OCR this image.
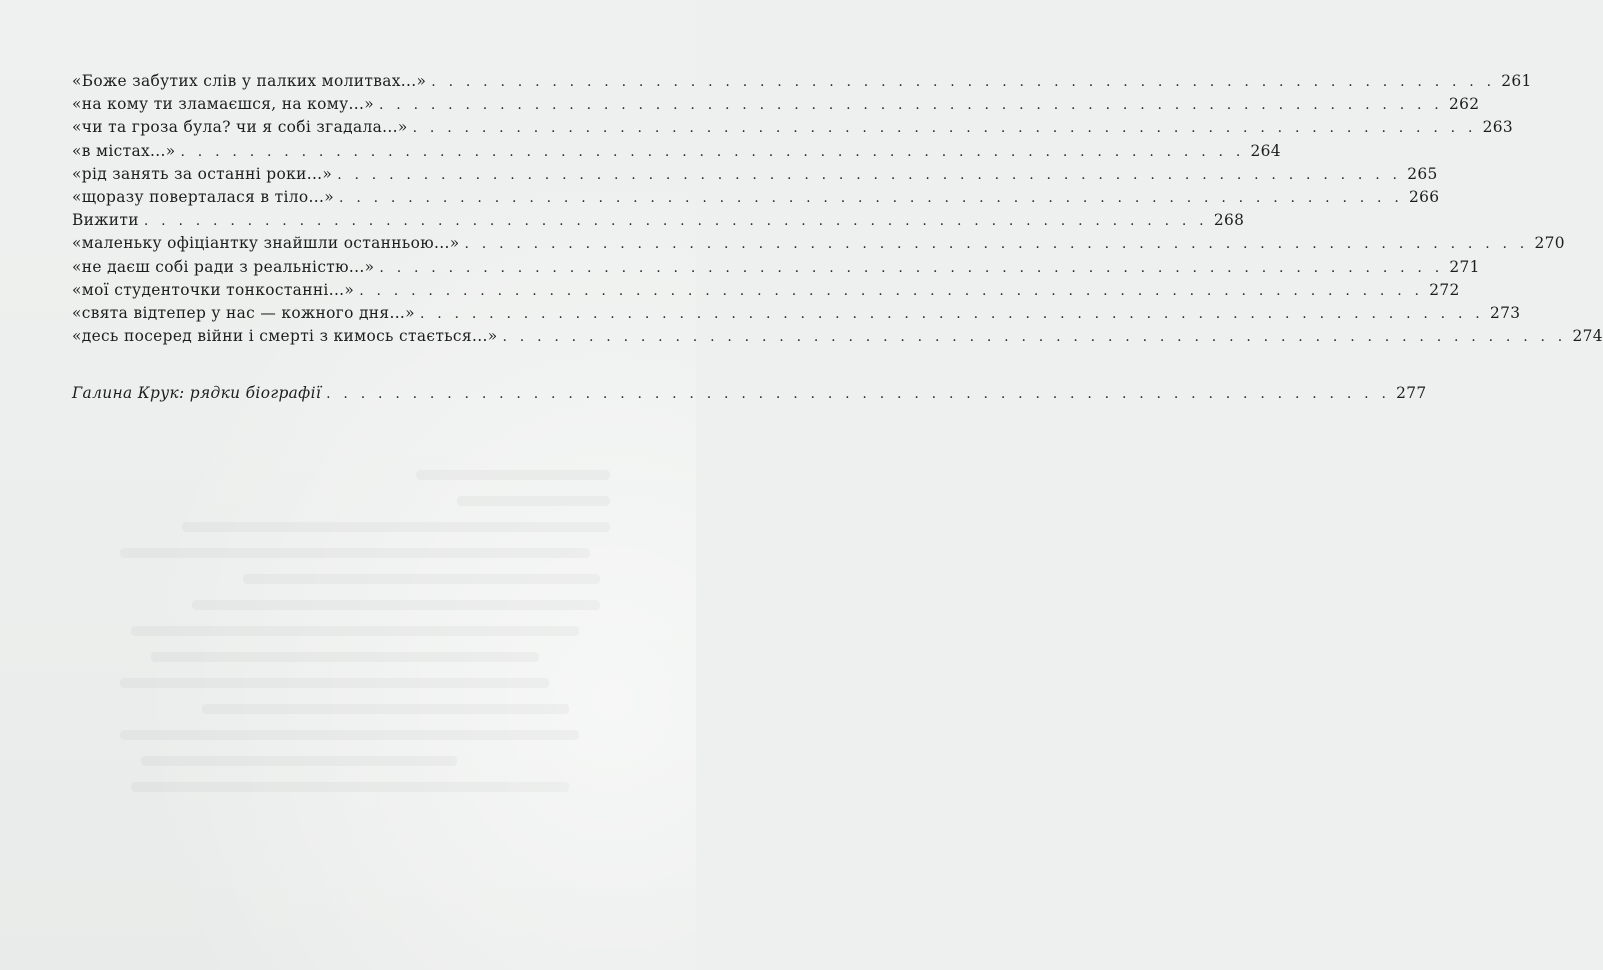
«Боже забутих слів у палких молитвах...» . . . . . . . . . . . . . . . . . . . . . . . . . . . . . . . . . . . . . . . . . . . . . . . . . . . . . . . . . . . . . . 261
«на кому ти зламаєшся, на кому...» . . . . . . . . . . . . . . . . . . . . . . . . . . . . . . . . . . . . . . . . . . . . . . . . . . . . . . . . . . . . . . 262
«чи та гроза була? чи я собі згадала...» . . . . . . . . . . . . . . . . . . . . . . . . . . . . . . . . . . . . . . . . . . . . . . . . . . . . . . . . . . . . . . 263
«в містах...» . . . . . . . . . . . . . . . . . . . . . . . . . . . . . . . . . . . . . . . . . . . . . . . . . . . . . . . . . . . . . . 264
«рід занять за останні роки...» . . . . . . . . . . . . . . . . . . . . . . . . . . . . . . . . . . . . . . . . . . . . . . . . . . . . . . . . . . . . . . 265
«щоразу поверталася в тіло...» . . . . . . . . . . . . . . . . . . . . . . . . . . . . . . . . . . . . . . . . . . . . . . . . . . . . . . . . . . . . . . 266
Вижити . . . . . . . . . . . . . . . . . . . . . . . . . . . . . . . . . . . . . . . . . . . . . . . . . . . . . . . . . . . . . . 268
«маленьку офіціантку знайшли останньою...» . . . . . . . . . . . . . . . . . . . . . . . . . . . . . . . . . . . . . . . . . . . . . . . . . . . . . . . . . . . . . . 270
«не даєш собі ради з реальністю...» . . . . . . . . . . . . . . . . . . . . . . . . . . . . . . . . . . . . . . . . . . . . . . . . . . . . . . . . . . . . . . 271
«мої студенточки тонкостанні...» . . . . . . . . . . . . . . . . . . . . . . . . . . . . . . . . . . . . . . . . . . . . . . . . . . . . . . . . . . . . . . 272
«свята відтепер у нас — кожного дня...» . . . . . . . . . . . . . . . . . . . . . . . . . . . . . . . . . . . . . . . . . . . . . . . . . . . . . . . . . . . . . . 273
«десь посеред війни і смерті з кимось стається...» . . . . . . . . . . . . . . . . . . . . . . . . . . . . . . . . . . . . . . . . . . . . . . . . . . . . . . . . . . . . . . 274
Галина Крук: рядки біографії . . . . . . . . . . . . . . . . . . . . . . . . . . . . . . . . . . . . . . . . . . . . . . . . . . . . . . . . . . . . . . 277
